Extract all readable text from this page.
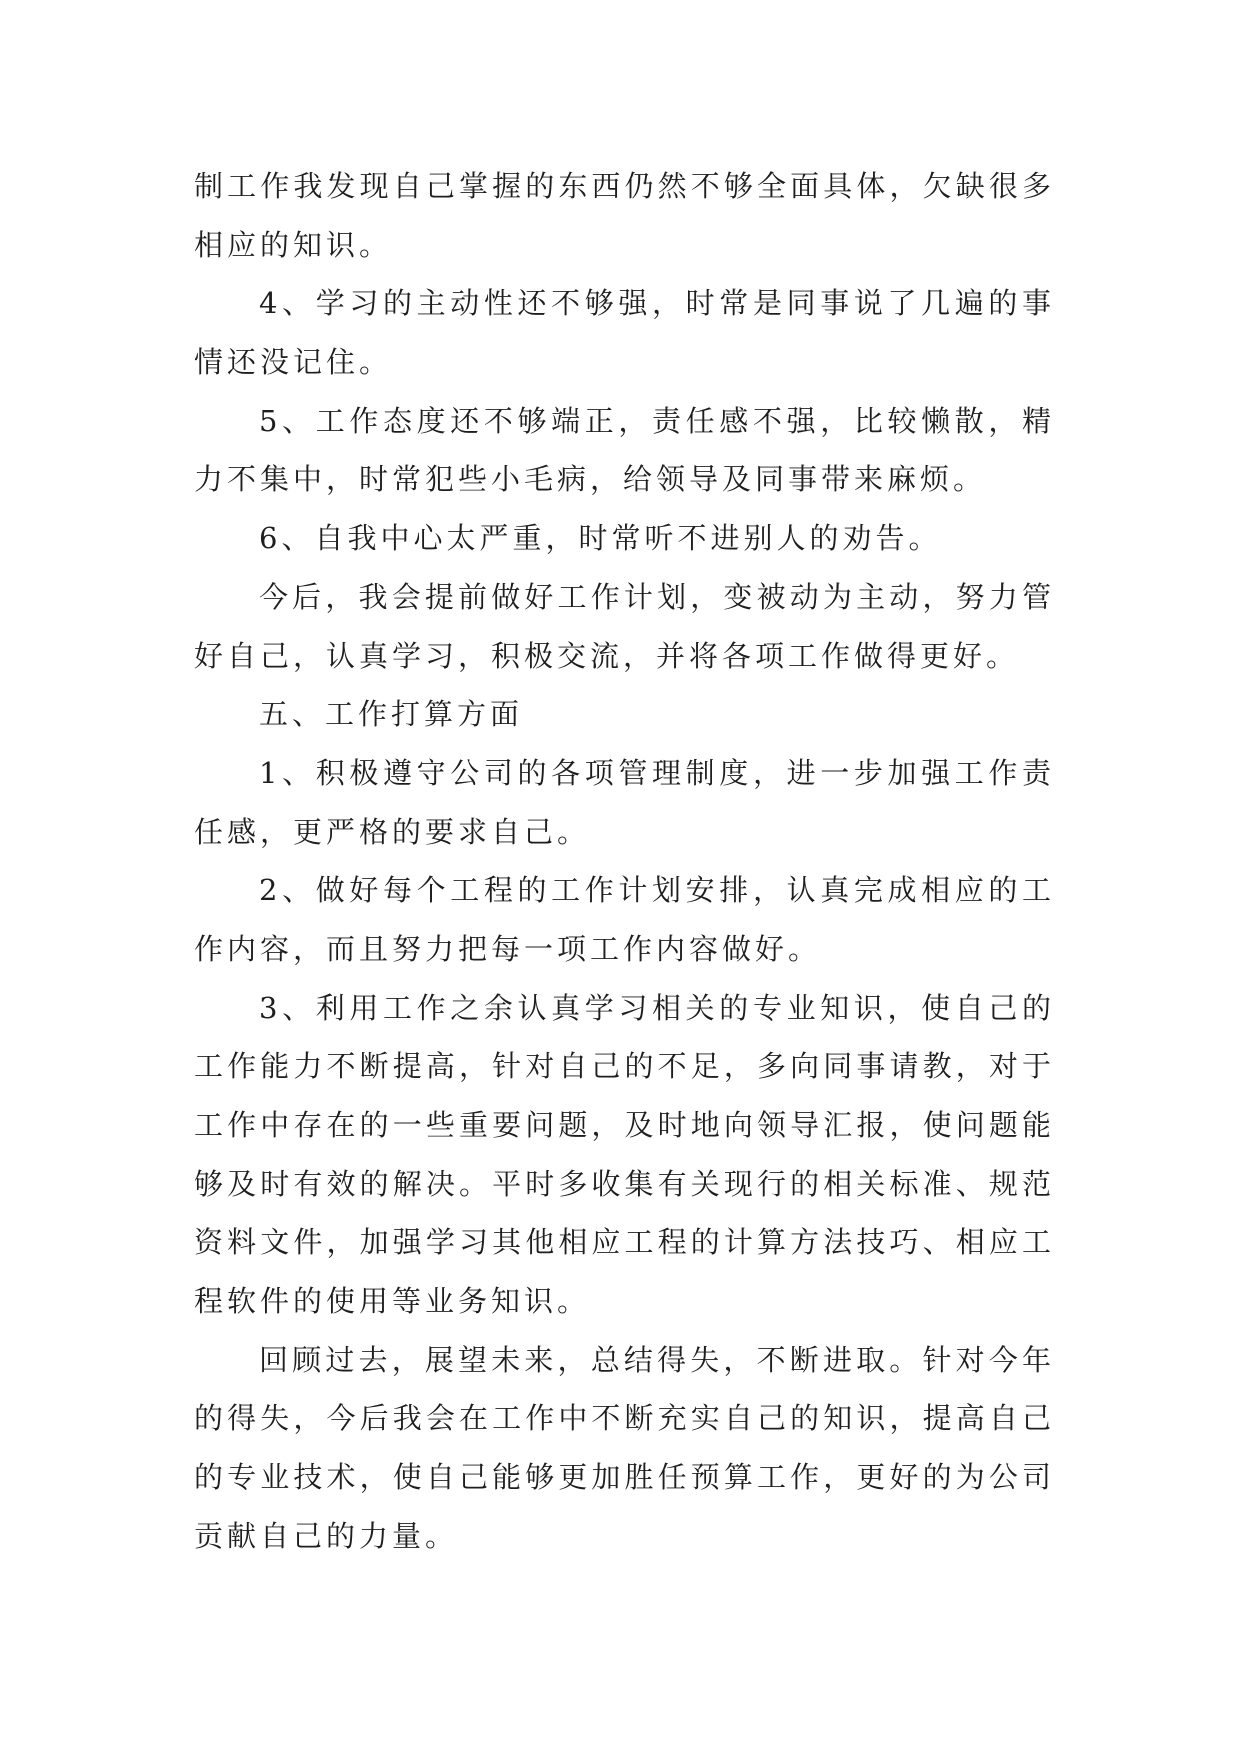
制工作我发现自己掌握的东西仍然不够全面具体，欠缺很多
相应的知识。
4、学习的主动性还不够强，时常是同事说了几遍的事
情还没记住。
5、工作态度还不够端正，责任感不强，比较懒散，精
力不集中，时常犯些小毛病，给领导及同事带来麻烦。
6、自我中心太严重，时常听不进别人的劝告。
今后，我会提前做好工作计划，变被动为主动，努力管
好自己，认真学习，积极交流，并将各项工作做得更好。
五、工作打算方面
1、积极遵守公司的各项管理制度，进一步加强工作责
任感，更严格的要求自己。
2、做好每个工程的工作计划安排，认真完成相应的工
作内容，而且努力把每一项工作内容做好。
3、利用工作之余认真学习相关的专业知识，使自己的
工作能力不断提高，针对自己的不足，多向同事请教，对于
工作中存在的一些重要问题，及时地向领导汇报，使问题能
够及时有效的解决。平时多收集有关现行的相关标准、规范
资料文件，加强学习其他相应工程的计算方法技巧、相应工
程软件的使用等业务知识。
回顾过去，展望未来，总结得失，不断进取。针对今年
的得失，今后我会在工作中不断充实自己的知识，提高自己
的专业技术，使自己能够更加胜任预算工作，更好的为公司
贡献自己的力量。
